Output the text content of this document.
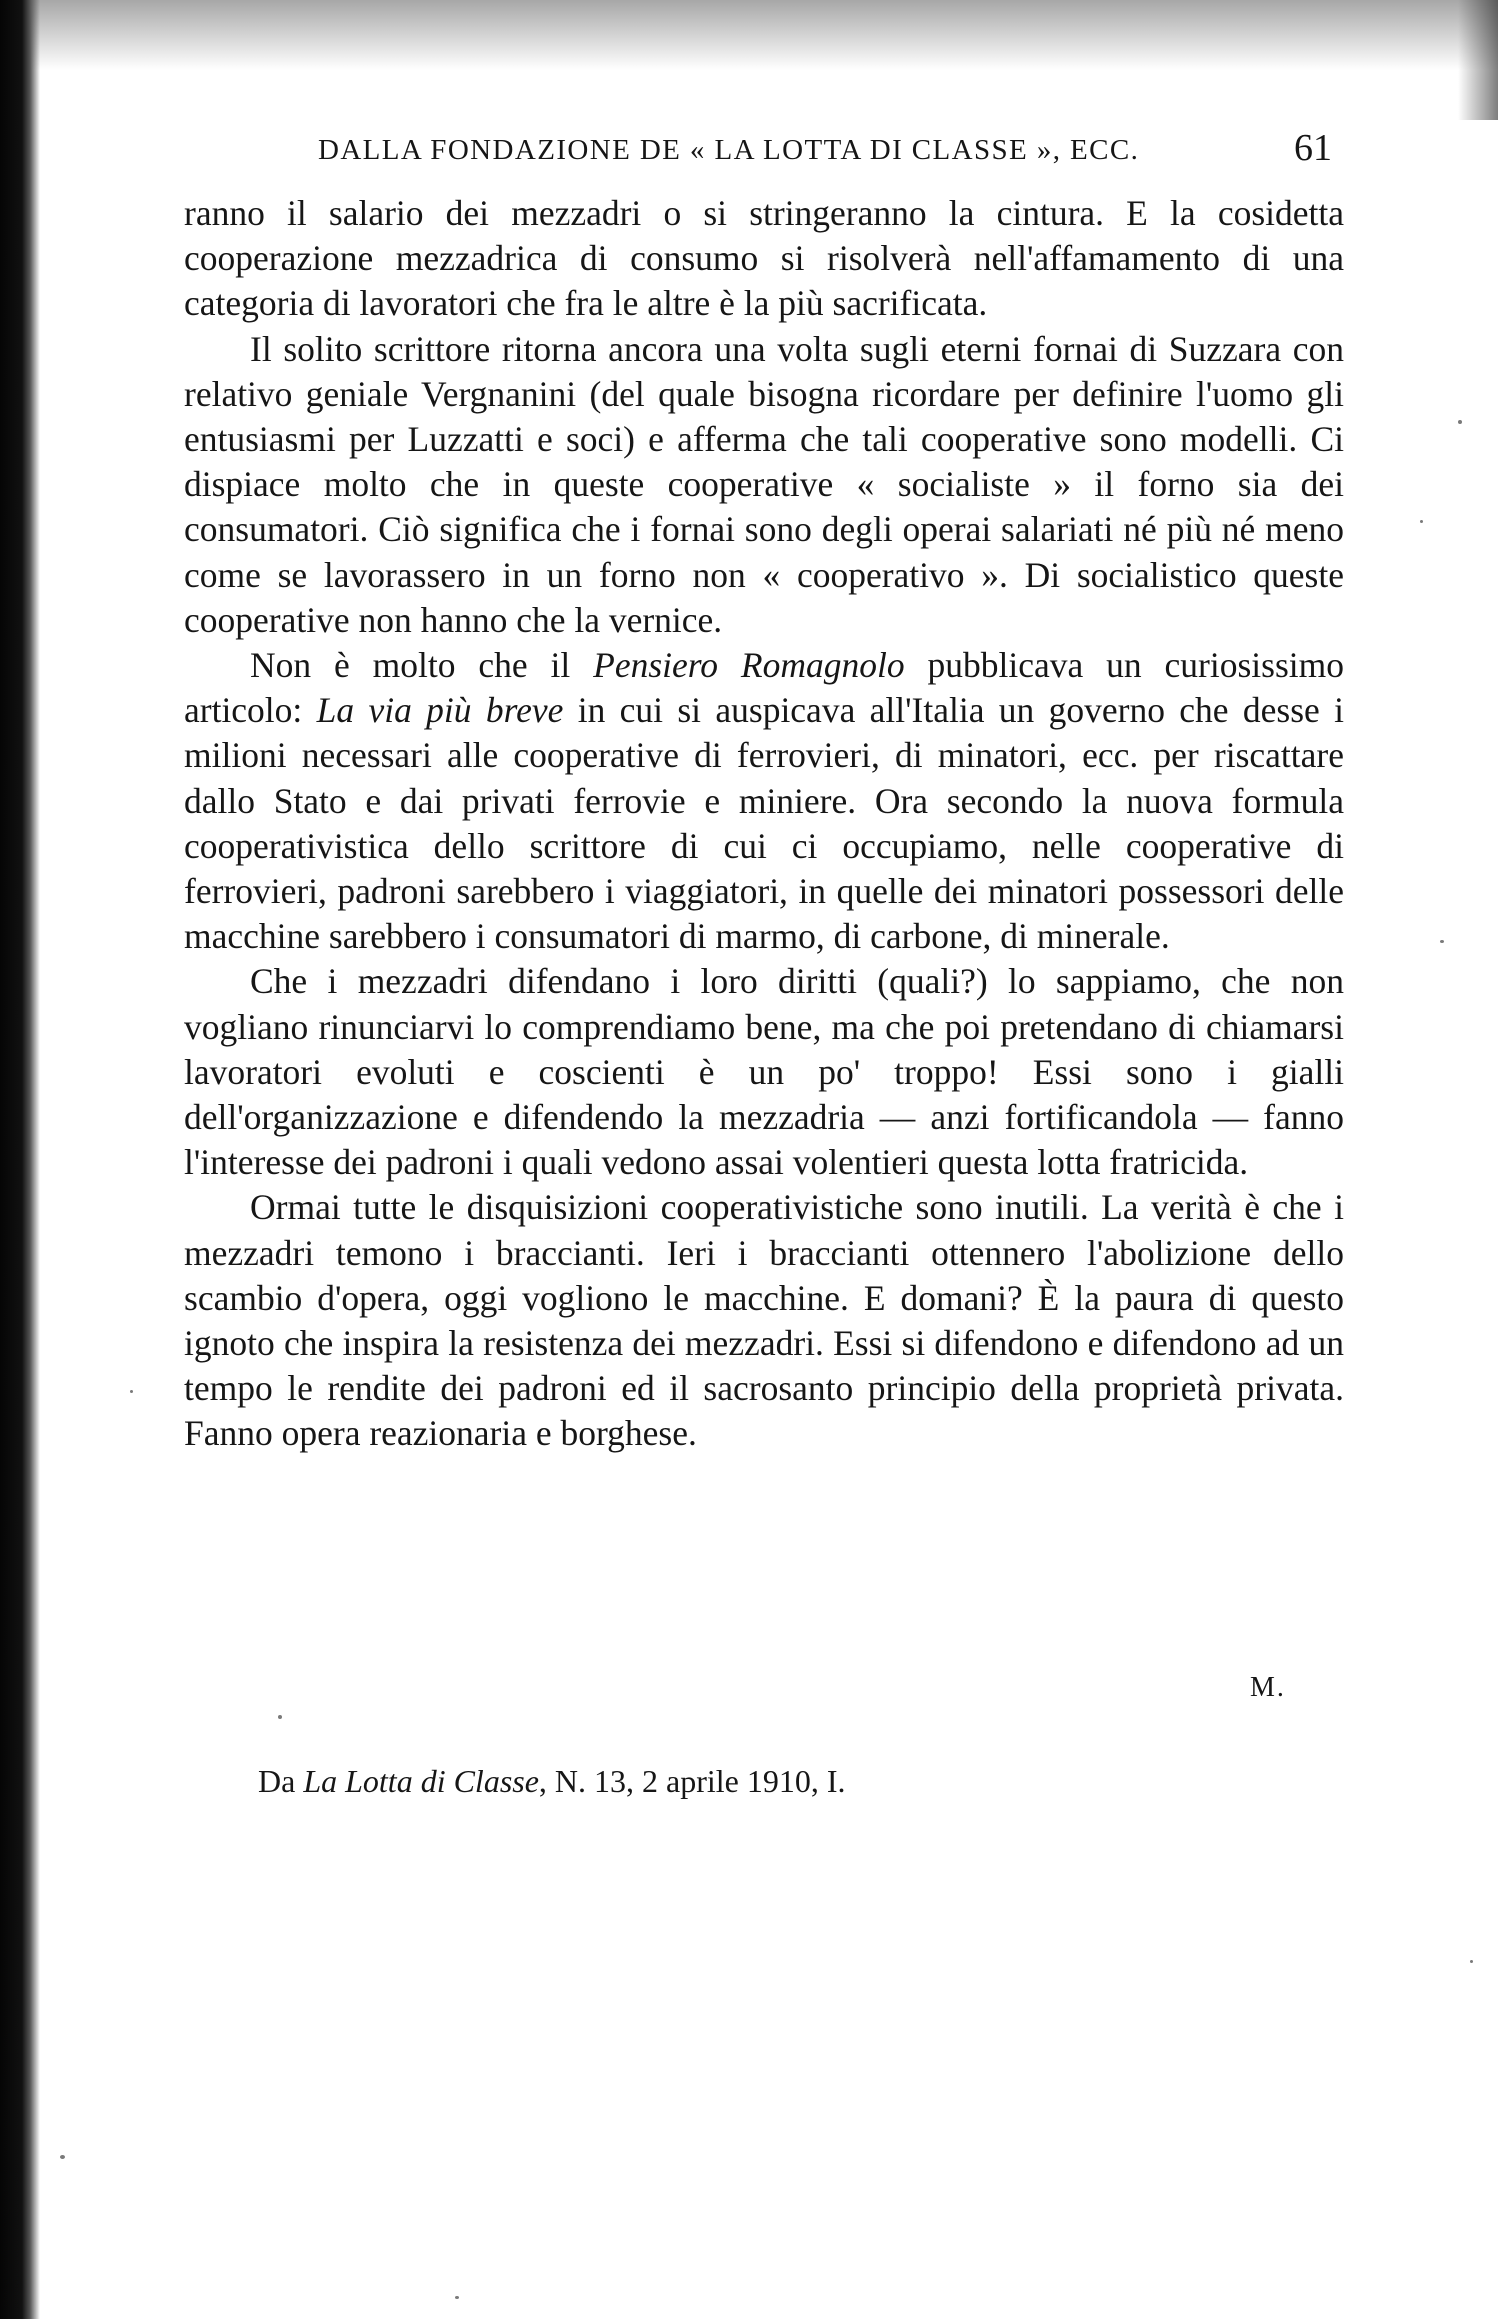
DALLA FONDAZIONE DE « LA LOTTA DI CLASSE », ECC.	61

ranno il salario dei mezzadri o si stringeranno la cintura. E la cosidetta cooperazione mezzadrica di consumo si risolverà nell'affamamento di una categoria di lavoratori che fra le altre è la più sacrificata.

Il solito scrittore ritorna ancora una volta sugli eterni fornai di Suzzara con relativo geniale Vergnanini (del quale bisogna ricordare per definire l'uomo gli entusiasmi per Luzzatti e soci) e afferma che tali cooperative sono modelli. Ci dispiace molto che in queste cooperative « socialiste » il forno sia dei consumatori. Ciò significa che i fornai sono degli operai salariati né più né meno come se lavorassero in un forno non « cooperativo ». Di socialistico queste cooperative non hanno che la vernice.

Non è molto che il Pensiero Romagnolo pubblicava un curiosissimo articolo: La via più breve in cui si auspicava all'Italia un governo che desse i milioni necessari alle cooperative di ferrovieri, di minatori, ecc. per riscattare dallo Stato e dai privati ferrovie e miniere. Ora secondo la nuova formula cooperativistica dello scrittore di cui ci occupiamo, nelle cooperative di ferrovieri, padroni sarebbero i viaggiatori, in quelle dei minatori possessori delle macchine sarebbero i consumatori di marmo, di carbone, di minerale.

Che i mezzadri difendano i loro diritti (quali?) lo sappiamo, che non vogliano rinunciarvi lo comprendiamo bene, ma che poi pretendano di chiamarsi lavoratori evoluti e coscienti è un po' troppo! Essi sono i gialli dell'organizzazione e difendendo la mezzadria — anzi fortificandola — fanno l'interesse dei padroni i quali vedono assai volentieri questa lotta fratricida.

Ormai tutte le disquisizioni cooperativistiche sono inutili. La verità è che i mezzadri temono i braccianti. Ieri i braccianti ottennero l'abolizione dello scambio d'opera, oggi vogliono le macchine. E domani? È la paura di questo ignoto che inspira la resistenza dei mezzadri. Essi si difendono e difendono ad un tempo le rendite dei padroni ed il sacrosanto principio della proprietà privata. Fanno opera reazionaria e borghese.

M.
Da La Lotta di Classe, N. 13, 2 aprile 1910, I.
